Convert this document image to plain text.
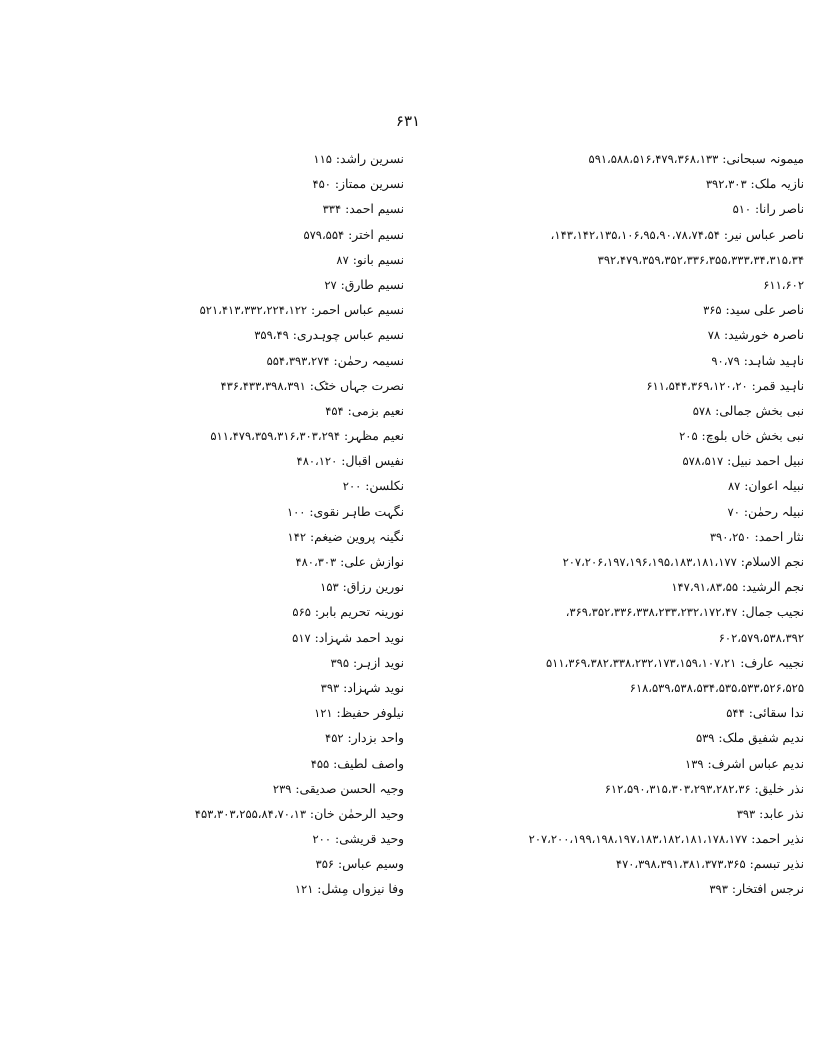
۶۳۱
میمونہ سبحانی: ۵۹۱،۵۸۸،۵۱۶،۴۷۹،۳۶۸،۱۳۳
نازیہ ملک: ۳۹۲،۳۰۳
ناصر رانا: ۵۱۰
ناصر عباس نیر: ۱۴۳،۱۴۲،۱۳۵،۱۰۶،۹۵،۹۰،۷۸،۷۴،۵۴،
۳۹۲،۴۷۹،۳۵۹،۳۵۲،۳۳۶،۳۵۵،۳۳۳،۳۴،۳۱۵،۳۴
۶۱۱،۶۰۲
ناصر علی سید: ۳۶۵
ناصرہ خورشید: ۷۸
ناہید شاہد: ۹۰،۷۹
ناہید قمر: ۶۱۱،۵۴۴،۳۶۹،۱۲۰،۲۰
نبی بخش جمالی: ۵۷۸
نبی بخش خاں بلوچ: ۲۰۵
نبیل احمد نبیل: ۵۷۸،۵۱۷
نبیلہ اعوان: ۸۷
نبیلہ رحمٰن: ۷۰
نثار احمد: ۳۹۰،۲۵۰
نجم الاسلام: ۲۰۷،۲۰۶،۱۹۷،۱۹۶،۱۹۵،۱۸۳،۱۸۱،۱۷۷
نجم الرشید: ۱۴۷،۹۱،۸۳،۵۵
نجیب جمال: ۳۶۹،۳۵۲،۳۳۶،۳۳۸،۲۳۳،۲۳۲،۱۷۲،۴۷،
۶۰۲،۵۷۹،۵۳۸،۳۹۲
نجیبہ عارف: ۵۱۱،۳۶۹،۳۸۲،۳۳۸،۲۳۲،۱۷۳،۱۵۹،۱۰۷،۲۱
۶۱۸،۵۳۹،۵۳۸،۵۳۴،۵۳۵،۵۳۳،۵۲۶،۵۲۵
ندا سقائی: ۵۴۴
ندیم شفیق ملک: ۵۳۹
ندیم عباس اشرف: ۱۳۹
نذر خلیق: ۶۱۲،۵۹۰،۳۱۵،۳۰۳،۲۹۳،۲۸۲،۳۶
نذر عابد: ۳۹۳
نذیر احمد: ۲۰۷،۲۰۰،۱۹۹،۱۹۸،۱۹۷،۱۸۳،۱۸۲،۱۸۱،۱۷۸،۱۷۷
نذیر تبسم: ۴۷۰،۳۹۸،۳۹۱،۳۸۱،۳۷۳،۳۶۵
نرجس افتخار: ۳۹۳
نسرین راشد: ۱۱۵
نسرین ممتاز: ۴۵۰
نسیم احمد: ۳۳۴
نسیم اختر: ۵۷۹،۵۵۴
نسیم بانو: ۸۷
نسیم طارق: ۲۷
نسیم عباس احمر: ۵۲۱،۴۱۳،۳۳۲،۲۲۴،۱۲۲
نسیم عباس چوہدری: ۳۵۹،۴۹
نسیمہ رحمٰن: ۵۵۴،۳۹۳،۲۷۴
نصرت جہاں خٹک: ۴۳۶،۴۳۳،۳۹۸،۳۹۱
نعیم بزمی: ۴۵۴
نعیم مظہر: ۵۱۱،۴۷۹،۳۵۹،۳۱۶،۳۰۳،۲۹۴
نفیس اقبال: ۴۸۰،۱۲۰
نکلسن: ۲۰۰
نگہت طاہر نقوی: ۱۰۰
نگینہ پروین ضیغم: ۱۴۲
نوازش علی: ۴۸۰،۳۰۳
نورین رزاق: ۱۵۳
نورینہ تحریم بابر: ۵۶۵
نوید احمد شہزاد: ۵۱۷
نوید ازہر: ۳۹۵
نوید شہزاد: ۳۹۳
نیلوفر حفیظ: ۱۲۱
واحد بزدار: ۴۵۲
واصف لطیف: ۴۵۵
وجیہ الحسن صدیقی: ۲۳۹
وحید الرحمٰن خان: ۴۵۳،۳۰۳،۲۵۵،۸۴،۷۰،۱۳
وحید قریشی: ۲۰۰
وسیم عباس: ۳۵۶
وفا نیزواں مِشل: ۱۲۱
